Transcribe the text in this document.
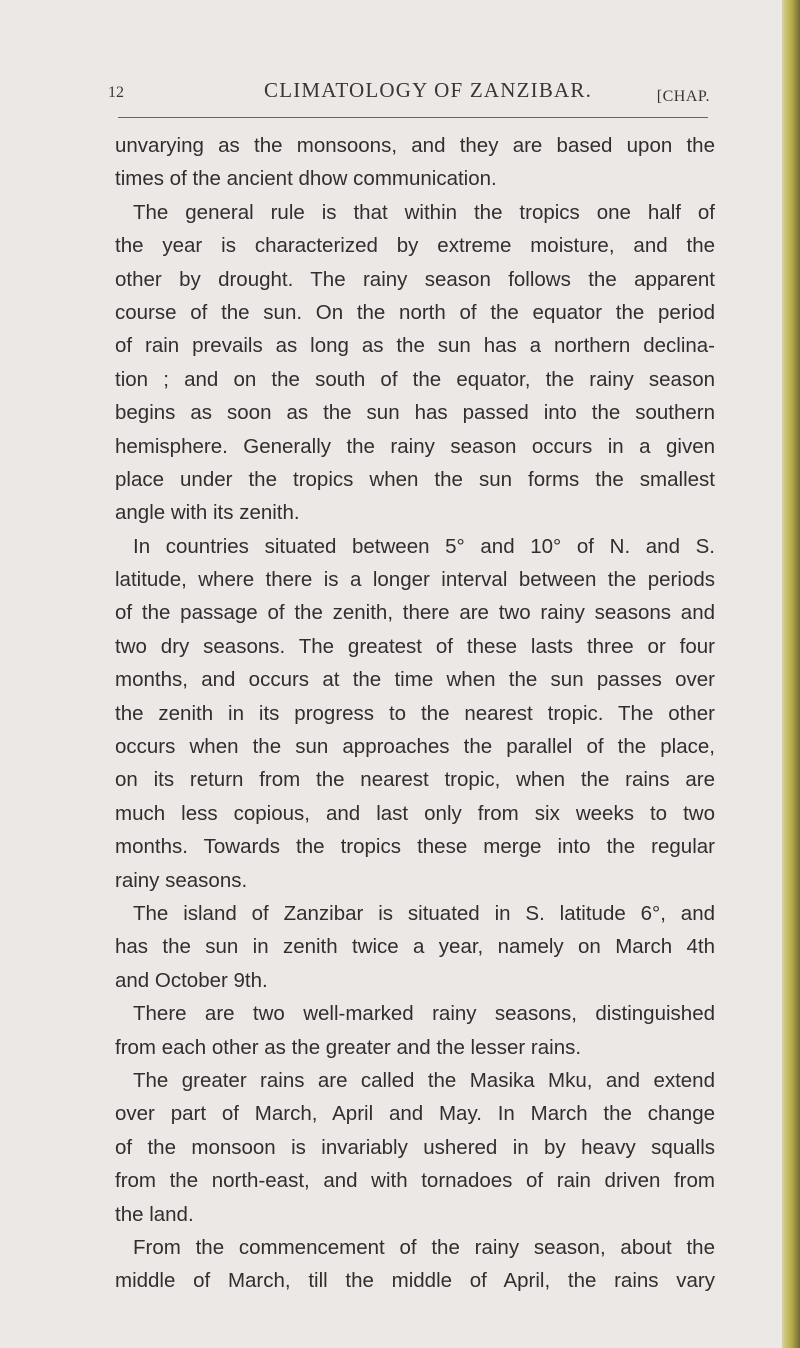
12	CLIMATOLOGY OF ZANZIBAR.	[CHAP.
unvarying as the monsoons, and they are based upon the
times of the ancient dhow communication.
The general rule is that within the tropics one half of
the year is characterized by extreme moisture, and the
other by drought. The rainy season follows the apparent
course of the sun. On the north of the equator the period
of rain prevails as long as the sun has a northern declina-
tion ; and on the south of the equator, the rainy season
begins as soon as the sun has passed into the southern
hemisphere. Generally the rainy season occurs in a given
place under the tropics when the sun forms the smallest
angle with its zenith.
In countries situated between 5° and 10° of N. and S.
latitude, where there is a longer interval between the periods
of the passage of the zenith, there are two rainy seasons and
two dry seasons. The greatest of these lasts three or four
months, and occurs at the time when the sun passes over
the zenith in its progress to the nearest tropic. The other
occurs when the sun approaches the parallel of the place,
on its return from the nearest tropic, when the rains are
much less copious, and last only from six weeks to two
months. Towards the tropics these merge into the regular
rainy seasons.
The island of Zanzibar is situated in S. latitude 6°, and
has the sun in zenith twice a year, namely on March 4th
and October 9th.
There are two well-marked rainy seasons, distinguished
from each other as the greater and the lesser rains.
The greater rains are called the Masika Mku, and extend
over part of March, April and May. In March the change
of the monsoon is invariably ushered in by heavy squalls
from the north-east, and with tornadoes of rain driven from
the land.
From the commencement of the rainy season, about the
middle of March, till the middle of April, the rains vary
